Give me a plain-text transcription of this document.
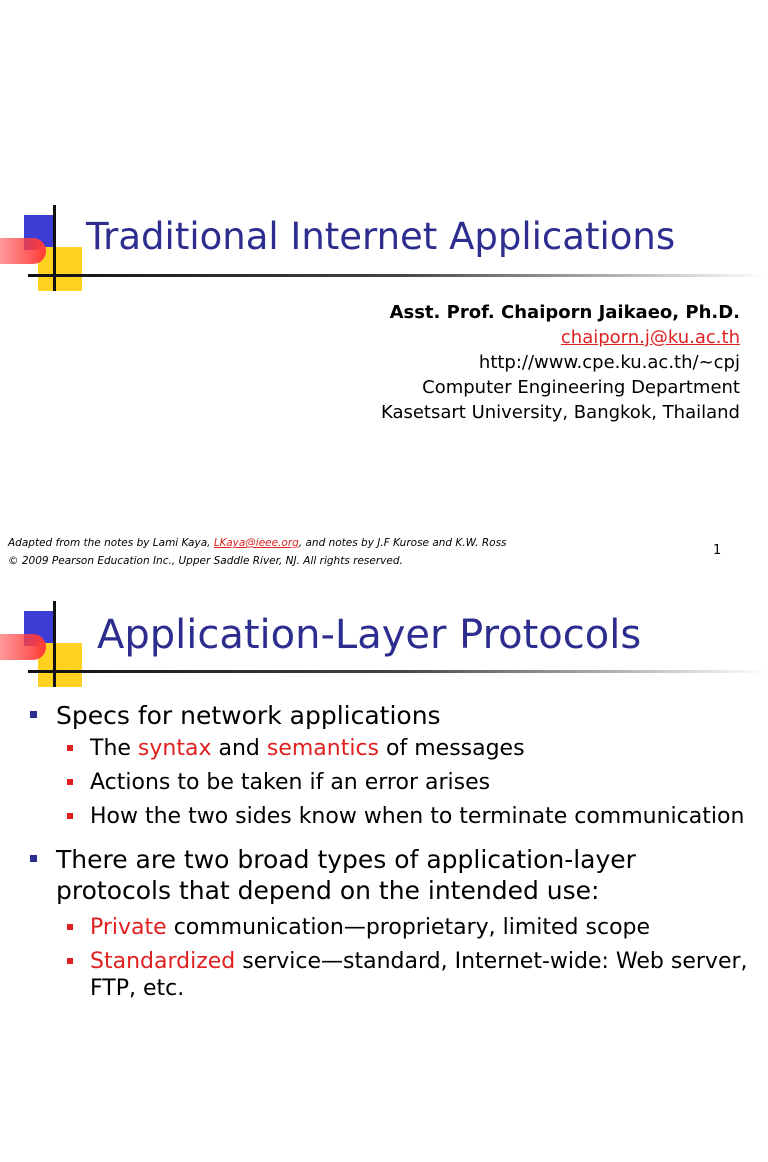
Traditional Internet Applications
Asst. Prof. Chaiporn Jaikaeo, Ph.D.
chaiporn.j@ku.ac.th
http://www.cpe.ku.ac.th/~cpj
Computer Engineering Department
Kasetsart University, Bangkok, Thailand
Adapted from the notes by Lami Kaya, LKaya@ieee.org, and notes by J.F Kurose and K.W. Ross
© 2009 Pearson Education Inc., Upper Saddle River, NJ. All rights reserved.
1
Application-Layer Protocols
Specs for network applications
The syntax and semantics of messages
Actions to be taken if an error arises
How the two sides know when to terminate communication
There are two broad types of application-layer protocols that depend on the intended use:
Private communication—proprietary, limited scope
Standardized service—standard, Internet-wide: Web server, FTP, etc.
